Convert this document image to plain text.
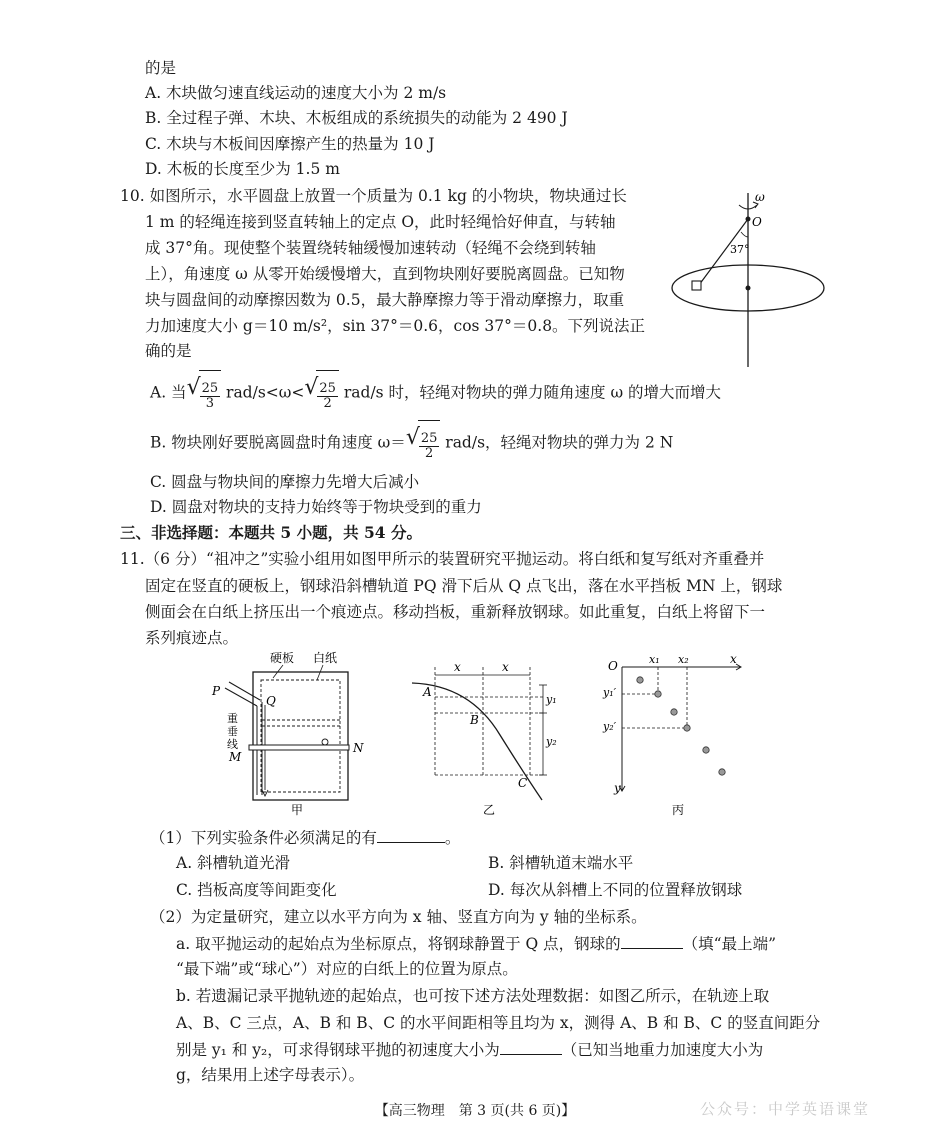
的是
A. 木块做匀速直线运动的速度大小为 2 m/s
B. 全过程子弹、木块、木板组成的系统损失的动能为 2 490 J
C. 木块与木板间因摩擦产生的热量为 10 J
D. 木板的长度至少为 1.5 m
10. 如图所示，水平圆盘上放置一个质量为 0.1 kg 的小物块，物块通过长
1 m 的轻绳连接到竖直转轴上的定点 O，此时轻绳恰好伸直，与转轴
成 37°角。现使整个装置绕转轴缓慢加速转动（轻绳不会绕到转轴
上），角速度 ω 从零开始缓慢增大，直到物块刚好要脱离圆盘。已知物
块与圆盘间的动摩擦因数为 0.5，最大静摩擦力等于滑动摩擦力，取重
力加速度大小 g＝10 m/s²，sin 37°＝0.6，cos 37°＝0.8。下列说法正
确的是
ω
O
37°
A. 当 √
$\frac{25}{3} rad/s<\omega<$ √
$\frac{25}{2} rad/s$ 时，轻绳对物块的弹力随角速度 ω 的增大而增大
B. 物块刚好要脱离圆盘时角速度 ω＝ √
$\frac{25}{2} rad/s$，轻绳对物块的弹力为 2 N
C. 圆盘与物块间的摩擦力先增大后减小
D. 圆盘对物块的支持力始终等于物块受到的重力
三、非选择题：本题共 5 小题，共 54 分。
11.（6 分）“祖冲之”实验小组用如图甲所示的装置研究平抛运动。将白纸和复写纸对齐重叠并
固定在竖直的硬板上，钢球沿斜槽轨道 PQ 滑下后从 Q 点飞出，落在水平挡板 MN 上，钢球
侧面会在白纸上挤压出一个痕迹点。移动挡板，重新释放钢球。如此重复，白纸上将留下一
系列痕迹点。
硬板 白纸
P
Q
重
垂
线
M
N
甲
x	x
A
B
C
y₁
y₂
乙
O	x₁ x₂	x
y₁′
y₂′
y
丙
（1）下列实验条件必须满足的有	。
A. 斜槽轨道光滑	B. 斜槽轨道末端水平
C. 挡板高度等间距变化	D. 每次从斜槽上不同的位置释放钢球
（2）为定量研究，建立以水平方向为 x 轴、竖直方向为 y 轴的坐标系。
a. 取平抛运动的起始点为坐标原点，将钢球静置于 Q 点，钢球的	（填“最上端”
“最下端”或“球心”）对应的白纸上的位置为原点。
b. 若遗漏记录平抛轨迹的起始点，也可按下述方法处理数据：如图乙所示，在轨迹上取
A、B、C 三点，A、B 和 B、C 的水平间距相等且均为 x，测得 A、B 和 B、C 的竖直间距分
别是 y₁ 和 y₂，可求得钢球平抛的初速度大小为	（已知当地重力加速度大小为
g，结果用上述字母表示）。
【高三物理　第 3 页(共 6 页)】	公众号：中学英语课堂
